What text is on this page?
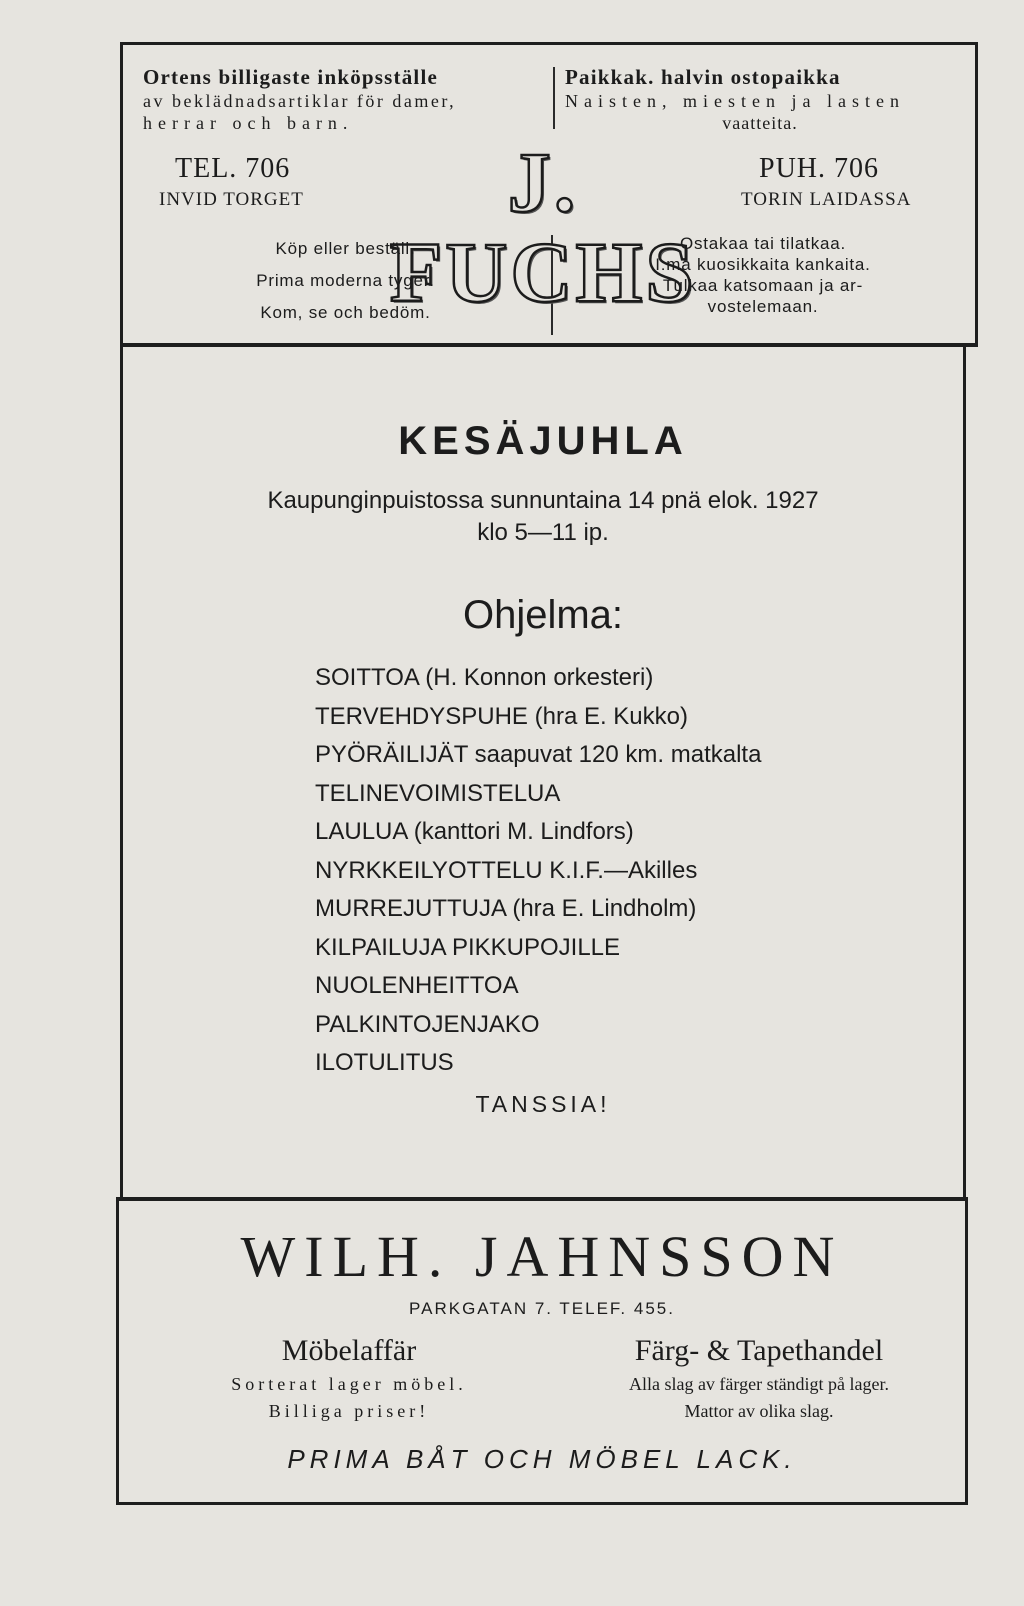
Ortens billigaste inköpsställe
av beklädnadsartiklar för damer,
herrar och barn.
Paikkak. halvin ostopaikka
Naisten, miesten ja lasten
vaatteita.
TEL. 706
INVID TORGET	J. FUCHS
PUH. 706
TORIN LAIDASSA
Köp eller beställ.
Prima moderna tyger.
Kom, se och bedöm.
Ostakaa tai tilatkaa.
I:ma kuosikkaita kankaita.
Tulkaa katsomaan ja ar-
vostelemaan.
KESÄJUHLA
Kaupunginpuistossa sunnuntaina 14 pnä elok. 1927
klo 5—11 ip.
Ohjelma:
SOITTOA (H. Konnon orkesteri)
TERVEHDYSPUHE (hra E. Kukko)
PYÖRÄILIJÄT saapuvat 120 km. matkalta
TELINEVOIMISTELUA
LAULUA (kanttori M. Lindfors)
NYRKKEILYOTTELU K.I.F.—Akilles
MURREJUTTUJA (hra E. Lindholm)
KILPAILUJA PIKKUPOJILLE
NUOLENHEITTOA
PALKINTOJENJAKO
ILOTULITUS
TANSSIA!
WILH. JAHNSSON
PARKGATAN 7. TELEF. 455.
Möbelaffär
Sorterat lager möbel.
Billiga priser!
Färg- & Tapethandel
Alla slag av färger ständigt på lager.
Mattor av olika slag.
PRIMA BÅT OCH MÖBEL LACK.
